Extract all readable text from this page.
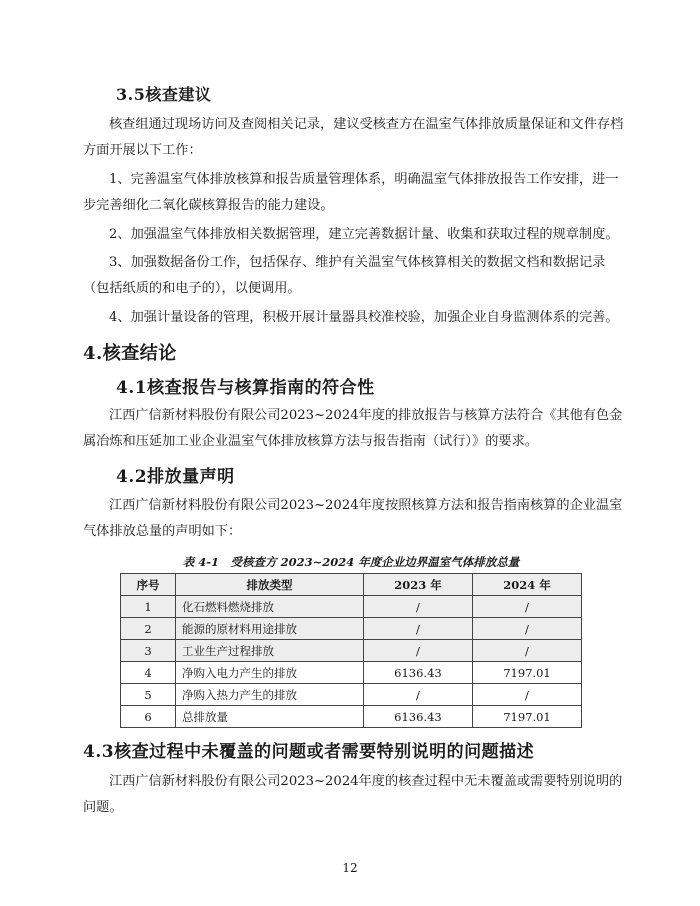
3.5核查建议

核查组通过现场访问及查阅相关记录，建议受核查方在温室气体排放质量保证和文件存档方面开展以下工作：

1、完善温室气体排放核算和报告质量管理体系，明确温室气体排放报告工作安排，进一步完善细化二氧化碳核算报告的能力建设。

2、加强温室气体排放相关数据管理，建立完善数据计量、收集和获取过程的规章制度。

3、加强数据备份工作，包括保存、维护有关温室气体核算相关的数据文档和数据记录（包括纸质的和电子的），以便调用。

4、加强计量设备的管理，积极开展计量器具校准校验，加强企业自身监测体系的完善。

4.核查结论
4.1核查报告与核算指南的符合性

江西广信新材料股份有限公司2023~2024年度的排放报告与核算方法符合《其他有色金属冶炼和压延加工业企业温室气体排放核算方法与报告指南（试行）》的要求。

4.2排放量声明

江西广信新材料股份有限公司2023~2024年度按照核算方法和报告指南核算的企业温室气体排放总量的声明如下：

表 4-1　受核查方 2023~2024 年度企业边界温室气体排放总量
序号	排放类型	2023 年	2024 年
1	化石燃料燃烧排放	/	/
2	能源的原材料用途排放	/	/
3	工业生产过程排放	/	/
4	净购入电力产生的排放	6136.43	7197.01
5	净购入热力产生的排放	/	/
6	总排放量	6136.43	7197.01
4.3核查过程中未覆盖的问题或者需要特别说明的问题描述

江西广信新材料股份有限公司2023~2024年度的核查过程中无未覆盖或需要特别说明的问题。

12
